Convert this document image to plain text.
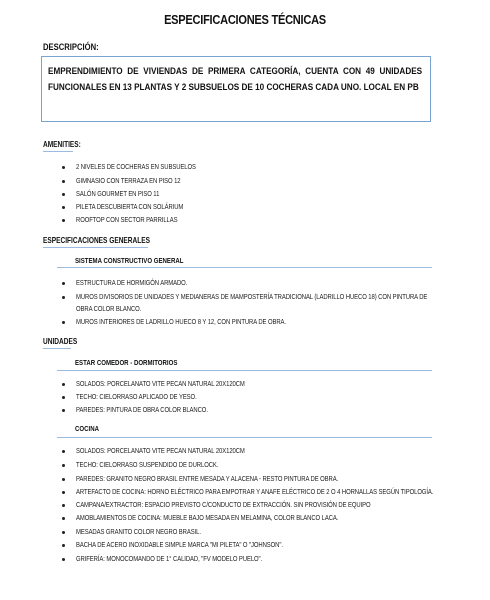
ESPECIFICACIONES TÉCNICAS
DESCRIPCIÓN:
EMPRENDIMIENTO DE VIVIENDAS DE PRIMERA CATEGORÍA, CUENTA CON 49 UNIDADES FUNCIONALES EN 13 PLANTAS Y 2 SUBSUELOS DE 10 COCHERAS CADA UNO. LOCAL EN PB
AMENITIES:
2 NIVELES DE COCHERAS EN SUBSUELOS
GIMNASIO CON TERRAZA EN PISO 12
SALÓN GOURMET EN PISO 11
PILETA DESCUBIERTA CON SOLÁRIUM
ROOFTOP CON SECTOR PARRILLAS
ESPECIFICACIONES GENERALES
SISTEMA CONSTRUCTIVO GENERAL
ESTRUCTURA DE HORMIGÓN ARMADO.
MUROS DIVISORIOS DE UNIDADES Y MEDIANERAS DE MAMPOSTERÍA TRADICIONAL (LADRILLO HUECO 18) CON PINTURA DE
OBRA COLOR BLANCO.
MUROS INTERIORES DE LADRILLO HUECO 8 Y 12, CON PINTURA DE OBRA.
UNIDADES
ESTAR COMEDOR - DORMITORIOS
SOLADOS: PORCELANATO VITE PECAN NATURAL 20X120CM
TECHO: CIELORRASO APLICADO DE YESO.
PAREDES: PINTURA DE OBRA COLOR BLANCO.
COCINA
SOLADOS: PORCELANATO VITE PECAN NATURAL 20X120CM
TECHO: CIELORRASO SUSPENDIDO DE DURLOCK.
PAREDES: GRANITO NEGRO BRASIL ENTRE MESADA Y ALACENA - RESTO PINTURA DE OBRA.
ARTEFACTO DE COCINA: HORNO ELÉCTRICO PARA EMPOTRAR Y ANAFE ELÉCTRICO DE 2 O 4 HORNALLAS SEGÚN TIPOLOGÍA.
CAMPANA/EXTRACTOR: ESPACIO PREVISTO C/CONDUCTO DE EXTRACCIÓN. SIN PROVISIÓN DE EQUIPO
AMOBLAMIENTOS DE COCINA: MUEBLE BAJO MESADA EN MELAMINA, COLOR BLANCO LACA.
MESADAS GRANITO COLOR NEGRO BRASIL.
BACHA DE ACERO INOXIDABLE SIMPLE MARCA "MI PILETA" O "JOHNSON".
GRIFERÍA: MONOCOMANDO DE 1° CALIDAD, "FV MODELO PUELO".
